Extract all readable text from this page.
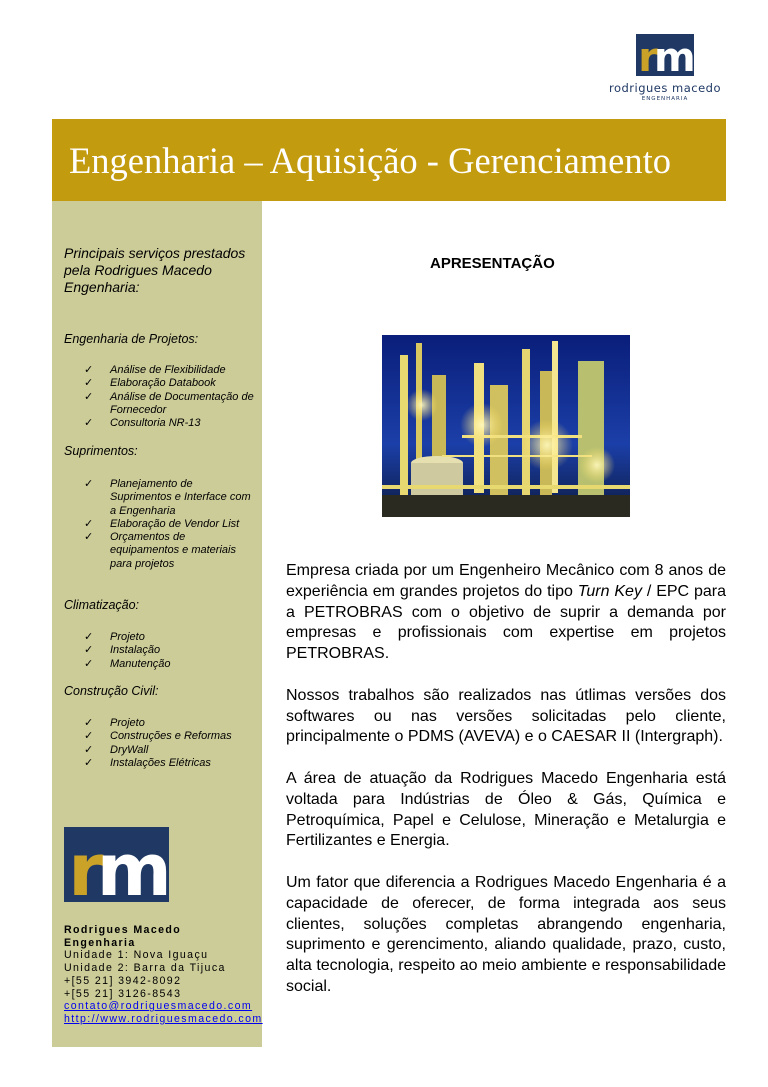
rm
rodrigues macedo
ENGENHARIA
Engenharia – Aquisição - Gerenciamento
Principais serviços prestados pela Rodrigues Macedo Engenharia:
Engenharia de Projetos:
✓ Análise de Flexibilidade
✓ Elaboração Databook
✓ Análise de Documentação de Fornecedor
✓ Consultoria NR-13
Suprimentos:
✓ Planejamento de Suprimentos e Interface com a Engenharia
✓ Elaboração de Vendor List
✓ Orçamentos de equipamentos e materiais para projetos
Climatização:
✓ Projeto
✓ Instalação
✓ Manutenção
Construção Civil:
✓ Projeto
✓ Construções e Reformas
✓ DryWall
✓ Instalações Elétricas
rm
Rodrigues Macedo
Engenharia
Unidade 1: Nova Iguaçu
Unidade 2: Barra da Tijuca
+[55 21] 3942-8092
+[55 21] 3126-8543
contato@rodriguesmacedo.com
http://www.rodriguesmacedo.com
APRESENTAÇÃO

Empresa criada por um Engenheiro Mecânico com 8 anos de experiência em grandes projetos do tipo Turn Key / EPC para a PETROBRAS com o objetivo de suprir a demanda por empresas e profissionais com expertise em projetos PETROBRAS.

Nossos trabalhos são realizados nas útlimas versões dos softwares ou nas versões solicitadas pelo cliente, principalmente o PDMS (AVEVA) e o CAESAR II (Intergraph).

A área de atuação da Rodrigues Macedo Engenharia está voltada para Indústrias de Óleo & Gás, Química e Petroquímica, Papel e Celulose, Mineração e Metalurgia e Fertilizantes e Energia.

Um fator que diferencia a Rodrigues Macedo Engenharia é a capacidade de oferecer, de forma integrada aos seus clientes, soluções completas abrangendo engenharia, suprimento e gerencimento, aliando qualidade, prazo, custo, alta tecnologia, respeito ao meio ambiente e responsabilidade social.
